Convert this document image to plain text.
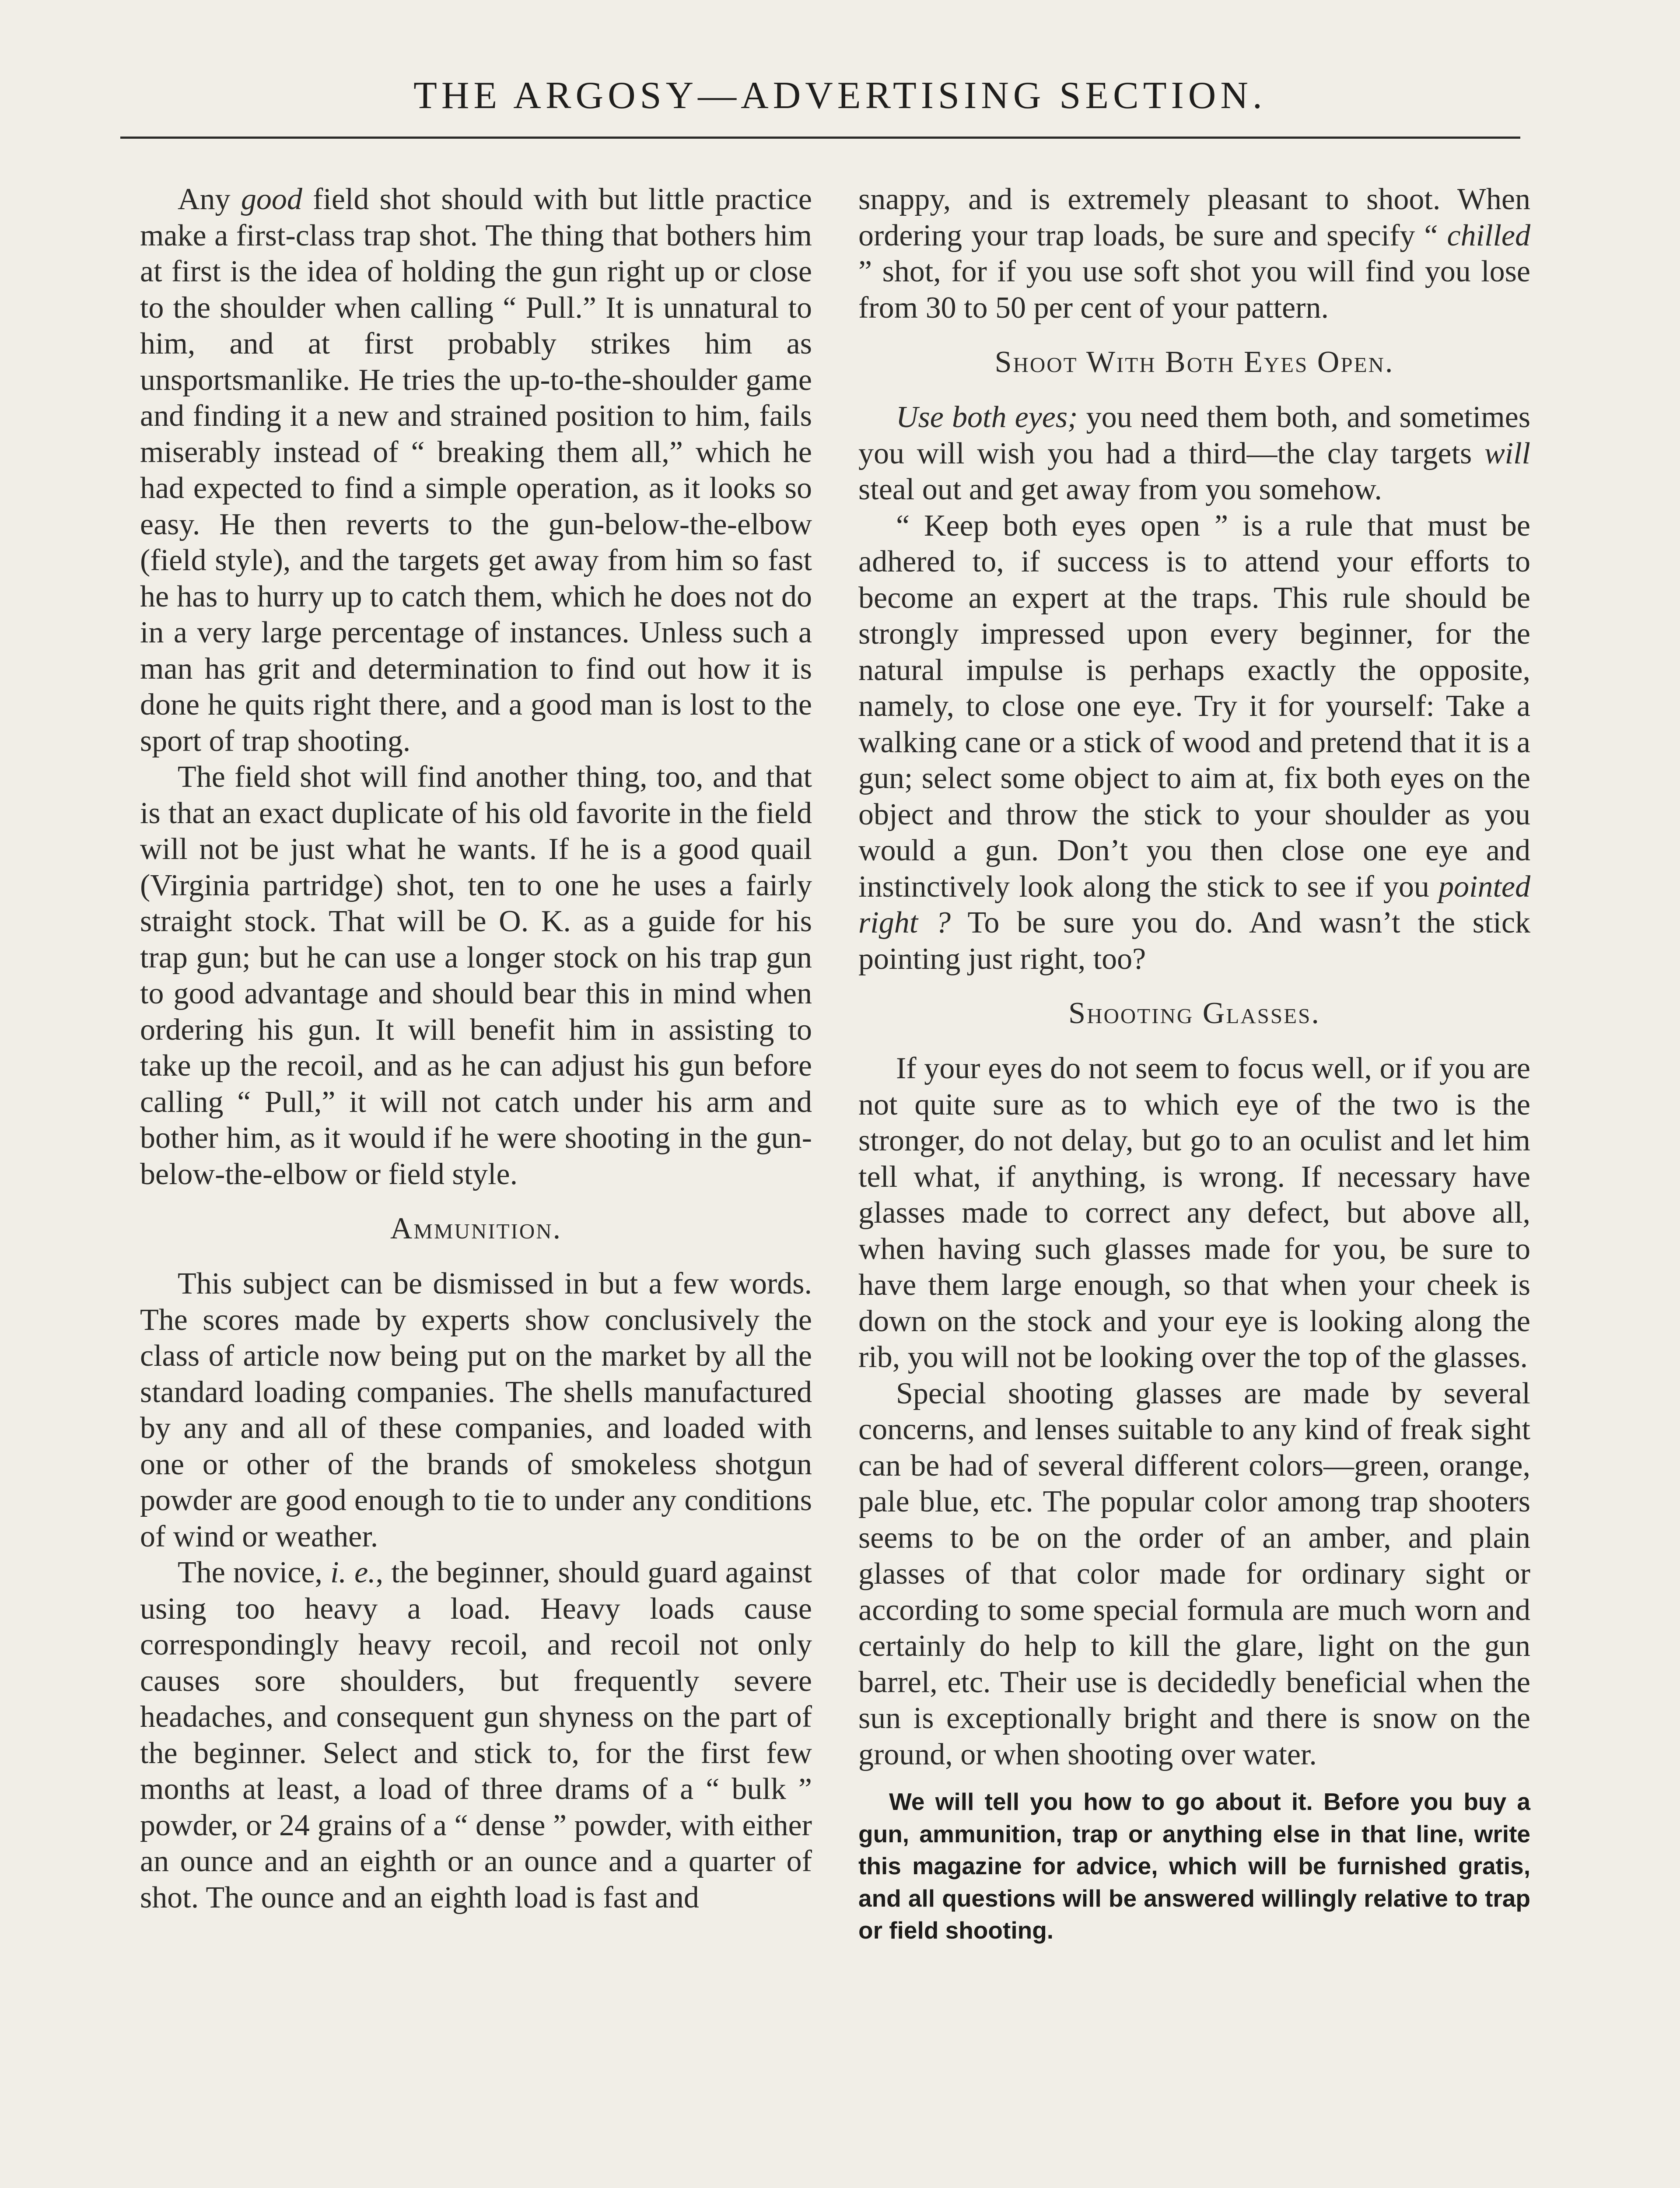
THE ARGOSY—ADVERTISING SECTION.

Any good field shot should with but little practice make a first-class trap shot. The thing that bothers him at first is the idea of holding the gun right up or close to the shoulder when calling “ Pull.” It is unnatural to him, and at first probably strikes him as unsportsmanlike. He tries the up-to-the-shoulder game and finding it a new and strained position to him, fails miserably instead of “ breaking them all,” which he had expected to find a simple operation, as it looks so easy. He then reverts to the gun-below-the-elbow (field style), and the targets get away from him so fast he has to hurry up to catch them, which he does not do in a very large percentage of instances. Unless such a man has grit and determination to find out how it is done he quits right there, and a good man is lost to the sport of trap shooting.

The field shot will find another thing, too, and that is that an exact duplicate of his old favorite in the field will not be just what he wants. If he is a good quail (Virginia partridge) shot, ten to one he uses a fairly straight stock. That will be O. K. as a guide for his trap gun; but he can use a longer stock on his trap gun to good advantage and should bear this in mind when ordering his gun. It will benefit him in assisting to take up the recoil, and as he can adjust his gun before calling “ Pull,” it will not catch under his arm and bother him, as it would if he were shooting in the gun-below-the-elbow or field style.

Ammunition.

This subject can be dismissed in but a few words. The scores made by experts show conclusively the class of article now being put on the market by all the standard loading companies. The shells manufactured by any and all of these companies, and loaded with one or other of the brands of smokeless shotgun powder are good enough to tie to under any conditions of wind or weather.

The novice, i. e., the beginner, should guard against using too heavy a load. Heavy loads cause correspondingly heavy recoil, and recoil not only causes sore shoulders, but frequently severe headaches, and consequent gun shyness on the part of the beginner. Select and stick to, for the first few months at least, a load of three drams of a “ bulk ” powder, or 24 grains of a “ dense ” powder, with either an ounce and an eighth or an ounce and a quarter of shot. The ounce and an eighth load is fast and

snappy, and is extremely pleasant to shoot. When ordering your trap loads, be sure and specify “ chilled ” shot, for if you use soft shot you will find you lose from 30 to 50 per cent of your pattern.

Shoot With Both Eyes Open.

Use both eyes; you need them both, and sometimes you will wish you had a third—the clay targets will steal out and get away from you somehow.

“ Keep both eyes open ” is a rule that must be adhered to, if success is to attend your efforts to become an expert at the traps. This rule should be strongly impressed upon every beginner, for the natural impulse is perhaps exactly the opposite, namely, to close one eye. Try it for yourself: Take a walking cane or a stick of wood and pretend that it is a gun; select some object to aim at, fix both eyes on the object and throw the stick to your shoulder as you would a gun. Don’t you then close one eye and instinctively look along the stick to see if you pointed right ? To be sure you do. And wasn’t the stick pointing just right, too?

Shooting Glasses.

If your eyes do not seem to focus well, or if you are not quite sure as to which eye of the two is the stronger, do not delay, but go to an oculist and let him tell what, if anything, is wrong. If necessary have glasses made to correct any defect, but above all, when having such glasses made for you, be sure to have them large enough, so that when your cheek is down on the stock and your eye is looking along the rib, you will not be looking over the top of the glasses.

Special shooting glasses are made by several concerns, and lenses suitable to any kind of freak sight can be had of several different colors—green, orange, pale blue, etc. The popular color among trap shooters seems to be on the order of an amber, and plain glasses of that color made for ordinary sight or according to some special formula are much worn and certainly do help to kill the glare, light on the gun barrel, etc. Their use is decidedly beneficial when the sun is exceptionally bright and there is snow on the ground, or when shooting over water.

We will tell you how to go about it. Before you buy a gun, ammunition, trap or anything else in that line, write this magazine for advice, which will be furnished gratis, and all questions will be answered willingly relative to trap or field shooting.
